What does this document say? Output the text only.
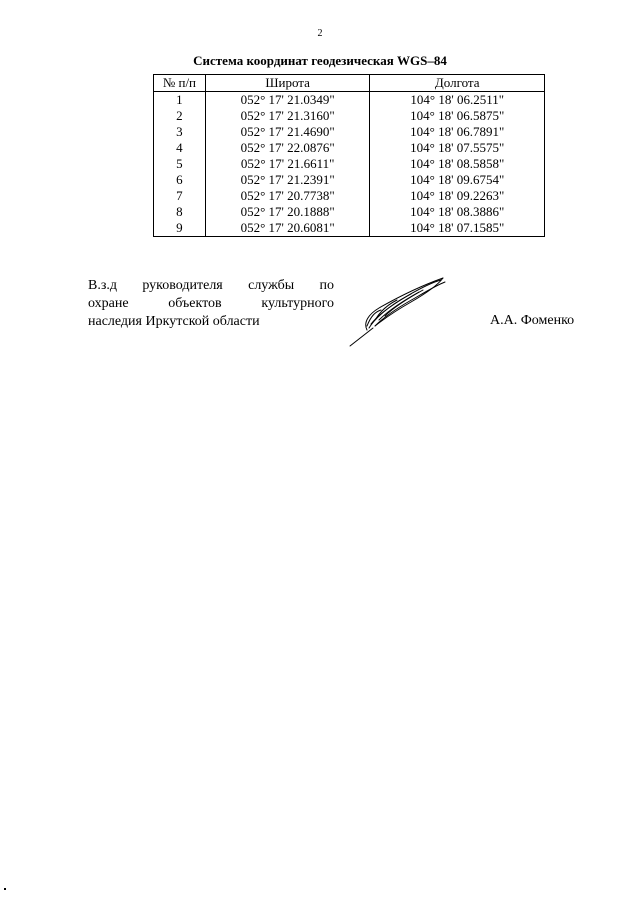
2
Система координат геодезическая WGS–84
№ п/п	Широта	Долгота
1	052° 17' 21.0349"	104° 18' 06.2511"
2	052° 17' 21.3160"	104° 18' 06.5875"
3	052° 17' 21.4690"	104° 18' 06.7891"
4	052° 17' 22.0876"	104° 18' 07.5575"
5	052° 17' 21.6611"	104° 18' 08.5858"
6	052° 17' 21.2391"	104° 18' 09.6754"
7	052° 17' 20.7738"	104° 18' 09.2263"
8	052° 17' 20.1888"	104° 18' 08.3886"
9	052° 17' 20.6081"	104° 18' 07.1585"
В.з.д руководителя службы по
охране объектов культурного
наследия Иркутской области	А.А. Фоменко
